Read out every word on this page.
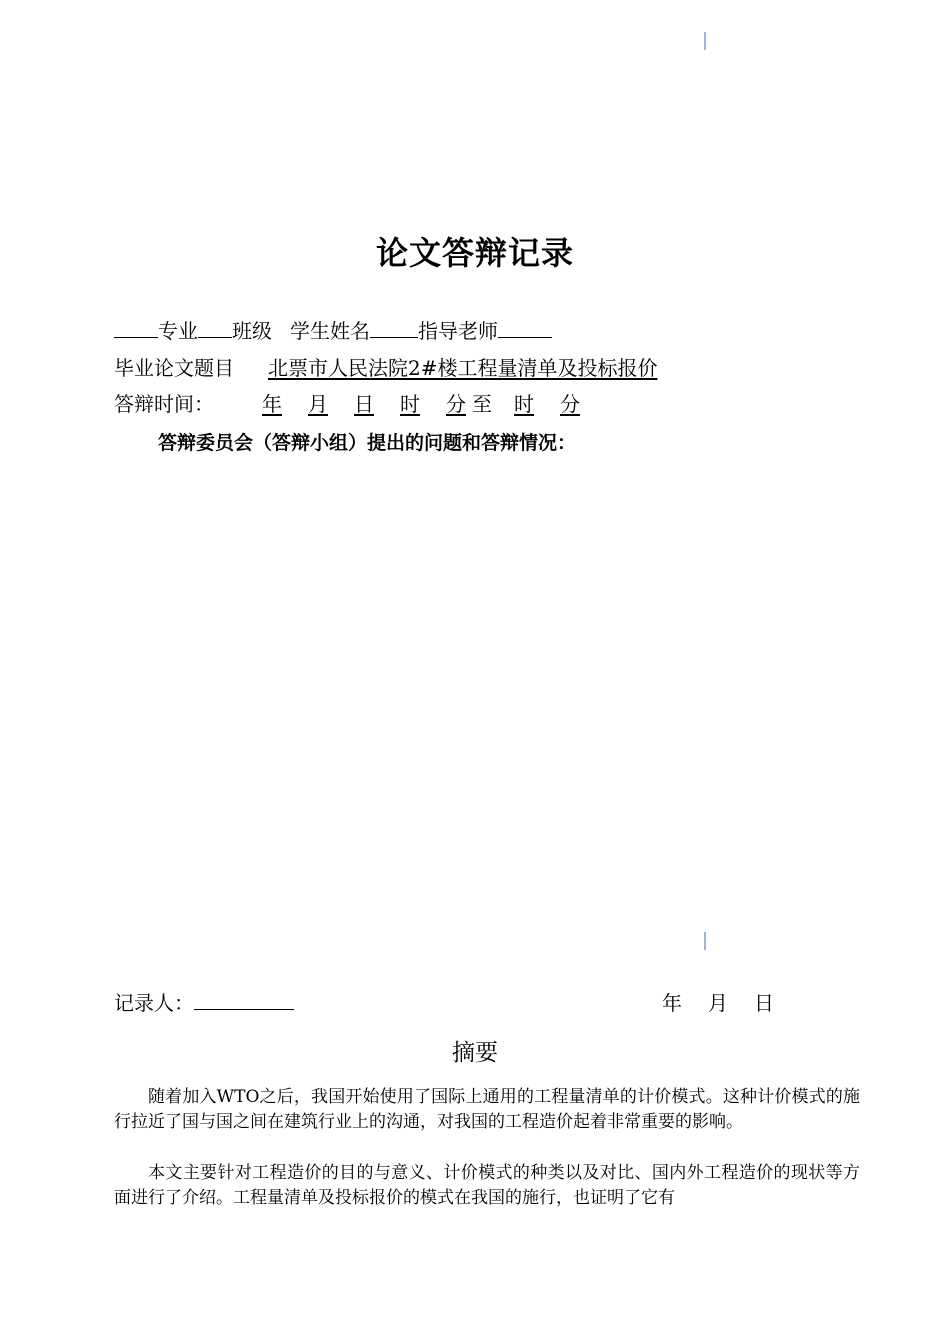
论文答辩记录
专业 班级 学生姓名 指导老师
毕业论文题目 北票市人民法院2#楼工程量清单及投标报价
答辩时间： 年 月 日 时 分 至 时 分
答辩委员会（答辩小组）提出的问题和答辩情况：
记录人：	年 月 日
摘要
随着加入WTO之后，我国开始使用了国际上通用的工程量清单的计价模式。这种计价模式的施行拉近了国与国之间在建筑行业上的沟通，对我国的工程造价起着非常重要的影响。
本文主要针对工程造价的目的与意义、计价模式的种类以及对比、国内外工程造价的现状等方面进行了介绍。工程量清单及投标报价的模式在我国的施行，也证明了它有
